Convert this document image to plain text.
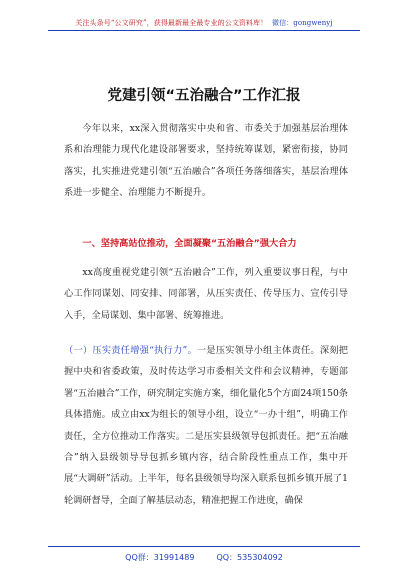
关注头条号“公文研究”，获得最新最全最专业的公文资料库！ 微信：gongwenyj
党建引领“五治融合”工作汇报

今年以来，xx深入贯彻落实中央和省、市委关于加强基层治理体系和治理能力现代化建设部署要求，坚持统筹谋划，紧密衔接，协同落实，扎实推进党建引领“五治融合”各项任务落细落实，基层治理体系进一步健全、治理能力不断提升。

一、坚持高站位推动，全面凝聚“五治融合”强大合力

xx高度重视党建引领“五治融合”工作，列入重要议事日程，与中心工作同谋划、同安排、同部署，从压实责任、传导压力、宣传引导入手，全局谋划、集中部署、统筹推进。

（一）压实责任增强“执行力”。一是压实领导小组主体责任。深刻把握中央和省委政策，及时传达学习市委相关文件和会议精神，专题部署“五治融合”工作，研究制定实施方案，细化量化5个方面24项150条具体措施。成立由xx为组长的领导小组，设立“一办十组”，明确工作责任，全方位推动工作落实。二是压实县级领导包抓责任。把“五治融合”纳入县级领导导包抓乡镇内容，结合阶段性重点工作，集中开展“大调研”活动。上半年，每名县级领导均深入联系包抓乡镇开展了1轮调研督导，全面了解基层动态，精准把握工作进度，确保

QQ群：31991489	QQ：535304092
